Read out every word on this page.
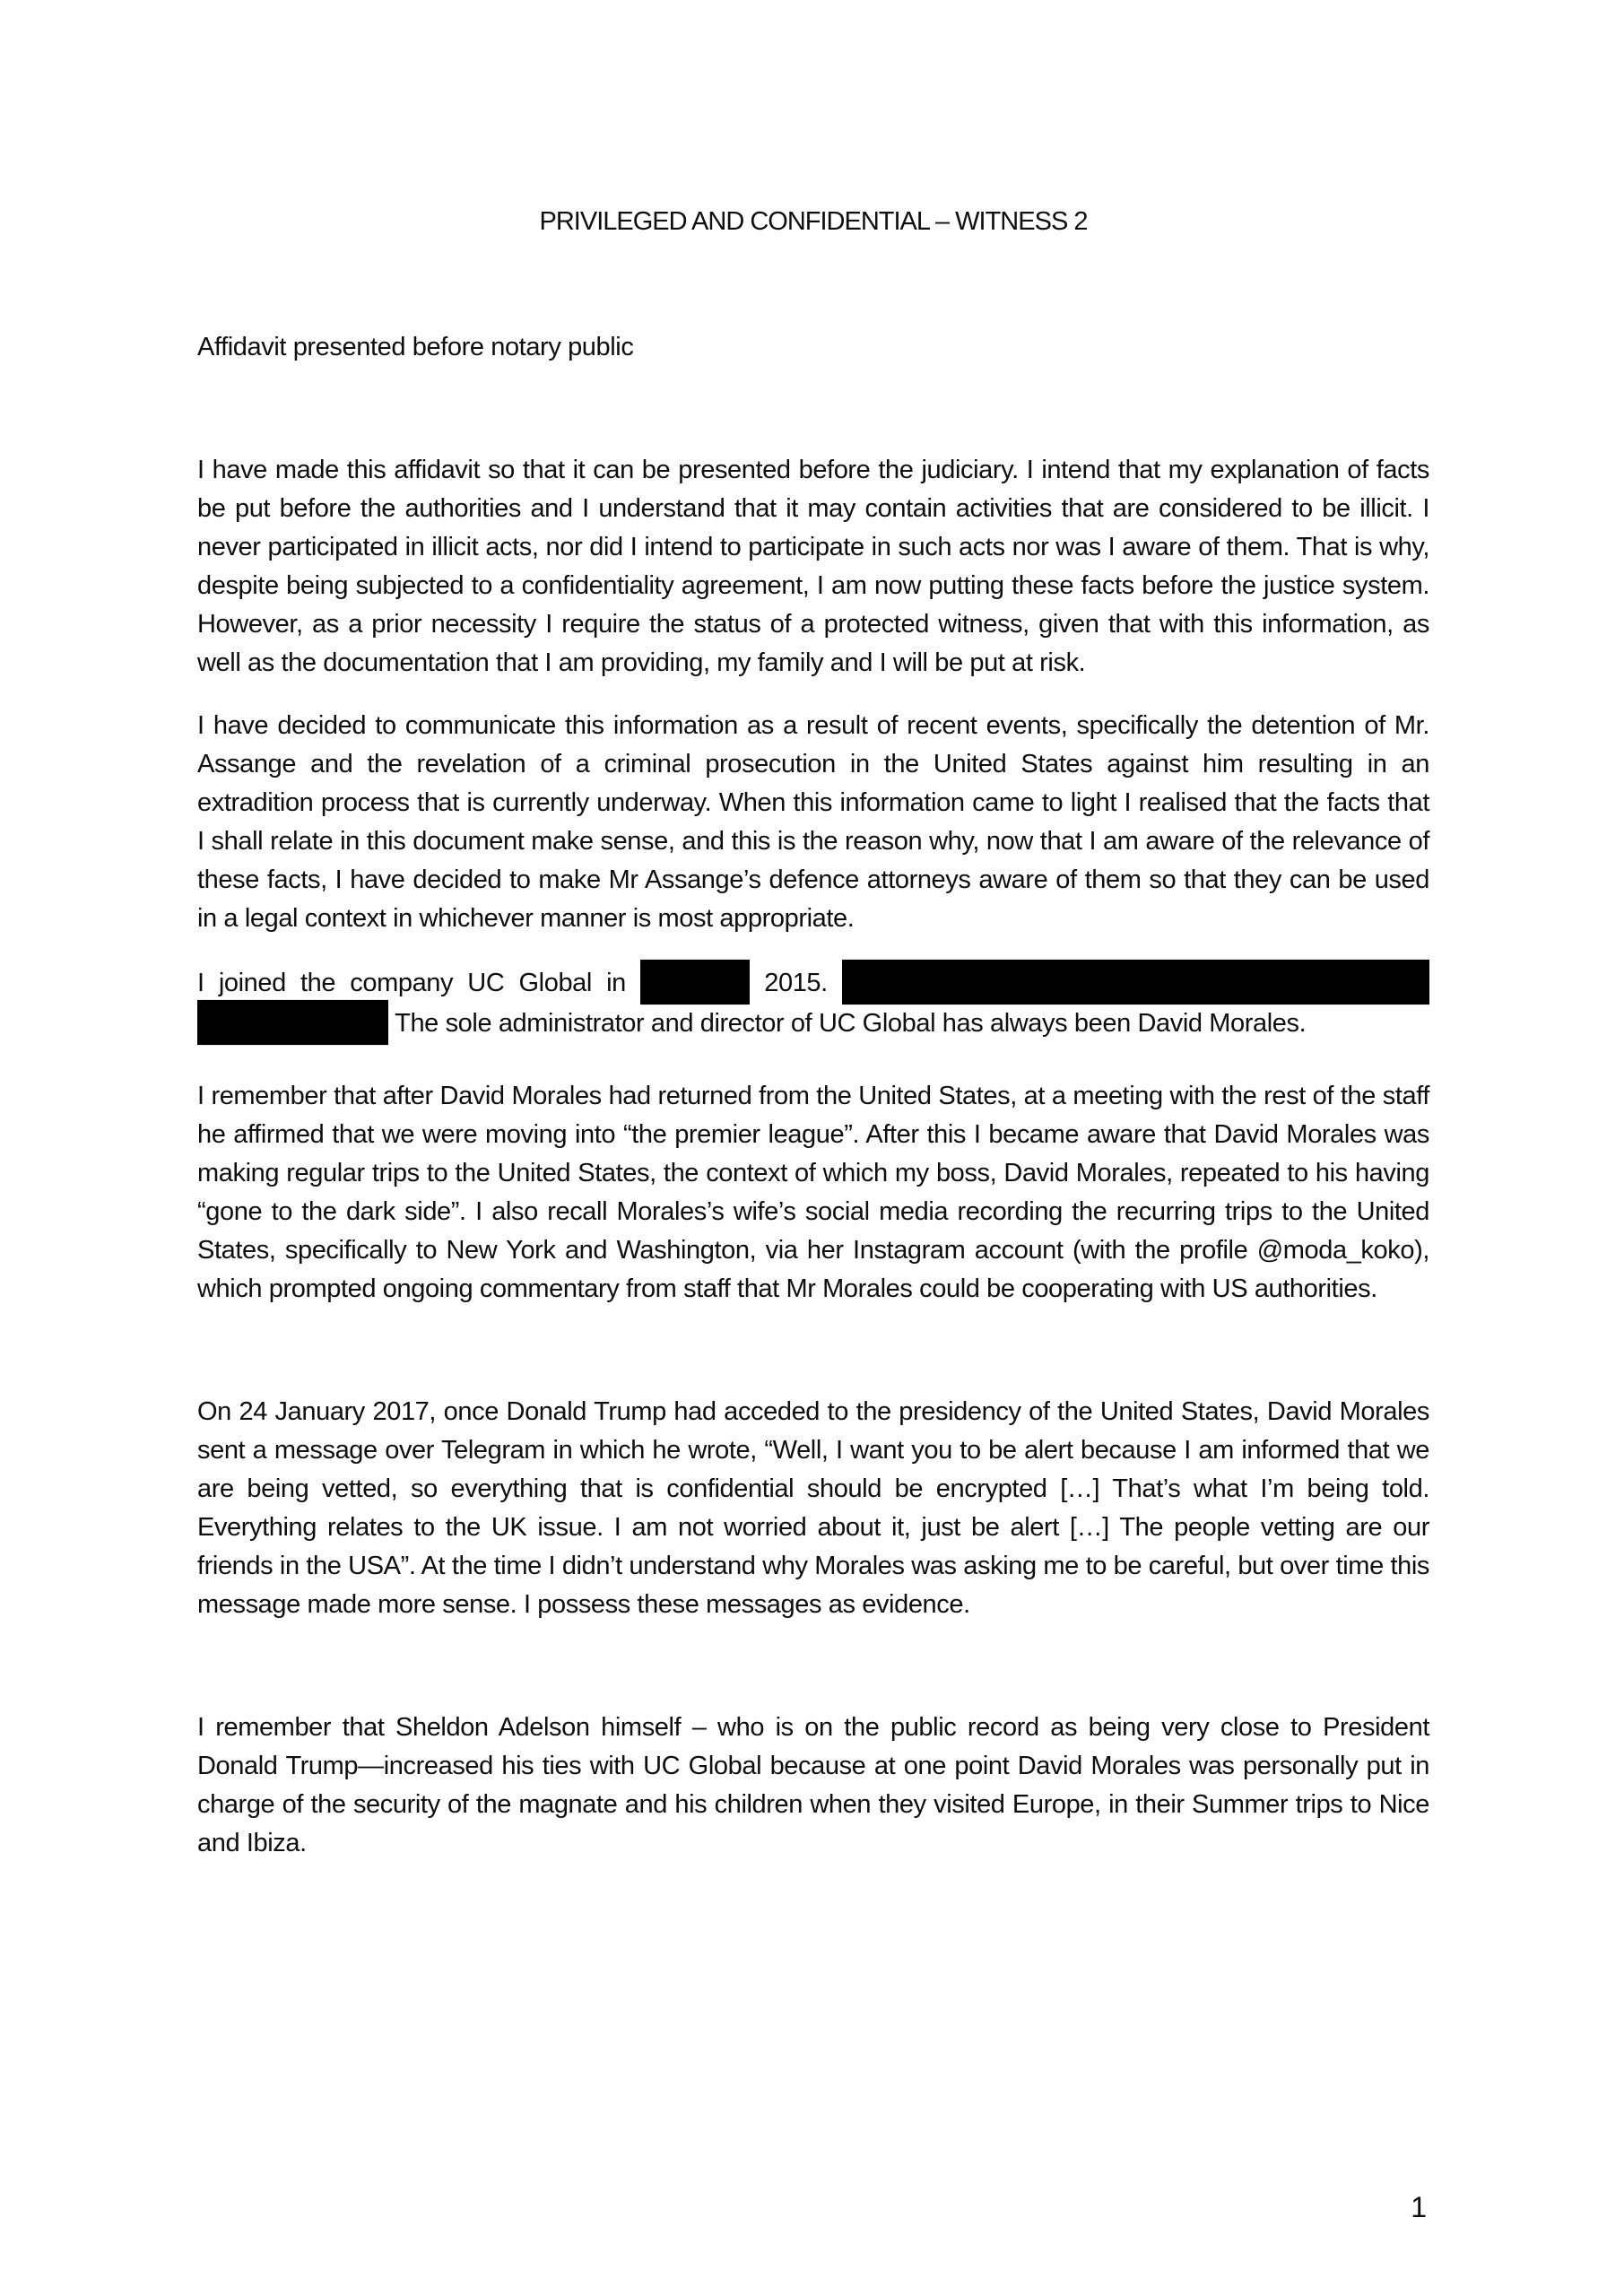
PRIVILEGED AND CONFIDENTIAL – WITNESS 2
Affidavit presented before notary public

I have made this affidavit so that it can be presented before the judiciary. I intend that my explanation of facts be put before the authorities and I understand that it may contain activities that are considered to be illicit. I never participated in illicit acts, nor did I intend to participate in such acts nor was I aware of them. That is why, despite being subjected to a confidentiality agreement, I am now putting these facts before the justice system. However, as a prior necessity I require the status of a protected witness, given that with this information, as well as the documentation that I am providing, my family and I will be put at risk.

I have decided to communicate this information as a result of recent events, specifically the detention of Mr. Assange and the revelation of a criminal prosecution in the United States against him resulting in an extradition process that is currently underway. When this information came to light I realised that the facts that I shall relate in this document make sense, and this is the reason why, now that I am aware of the relevance of these facts, I have decided to make Mr Assange’s defence attorneys aware of them so that they can be used in a legal context in whichever manner is most appropriate.

I joined the company UC Global in	2015.   The sole administrator and director of UC Global has always been David Morales.

I remember that after David Morales had returned from the United States, at a meeting with the rest of the staff he affirmed that we were moving into “the premier league”. After this I became aware that David Morales was making regular trips to the United States, the context of which my boss, David Morales, repeated to his having “gone to the dark side”. I also recall Morales’s wife’s social media recording the recurring trips to the United States, specifically to New York and Washington, via her Instagram account (with the profile @moda_koko), which prompted ongoing commentary from staff that Mr Morales could be cooperating with US authorities.

On 24 January 2017, once Donald Trump had acceded to the presidency of the United States, David Morales sent a message over Telegram in which he wrote, “Well, I want you to be alert because I am informed that we are being vetted, so everything that is confidential should be encrypted […] That’s what I’m being told. Everything relates to the UK issue. I am not worried about it, just be alert […] The people vetting are our friends in the USA”. At the time I didn’t understand why Morales was asking me to be careful, but over time this message made more sense. I possess these messages as evidence.

I remember that Sheldon Adelson himself – who is on the public record as being very close to President Donald Trump—increased his ties with UC Global because at one point David Morales was personally put in charge of the security of the magnate and his children when they visited Europe, in their Summer trips to Nice and Ibiza.

1
